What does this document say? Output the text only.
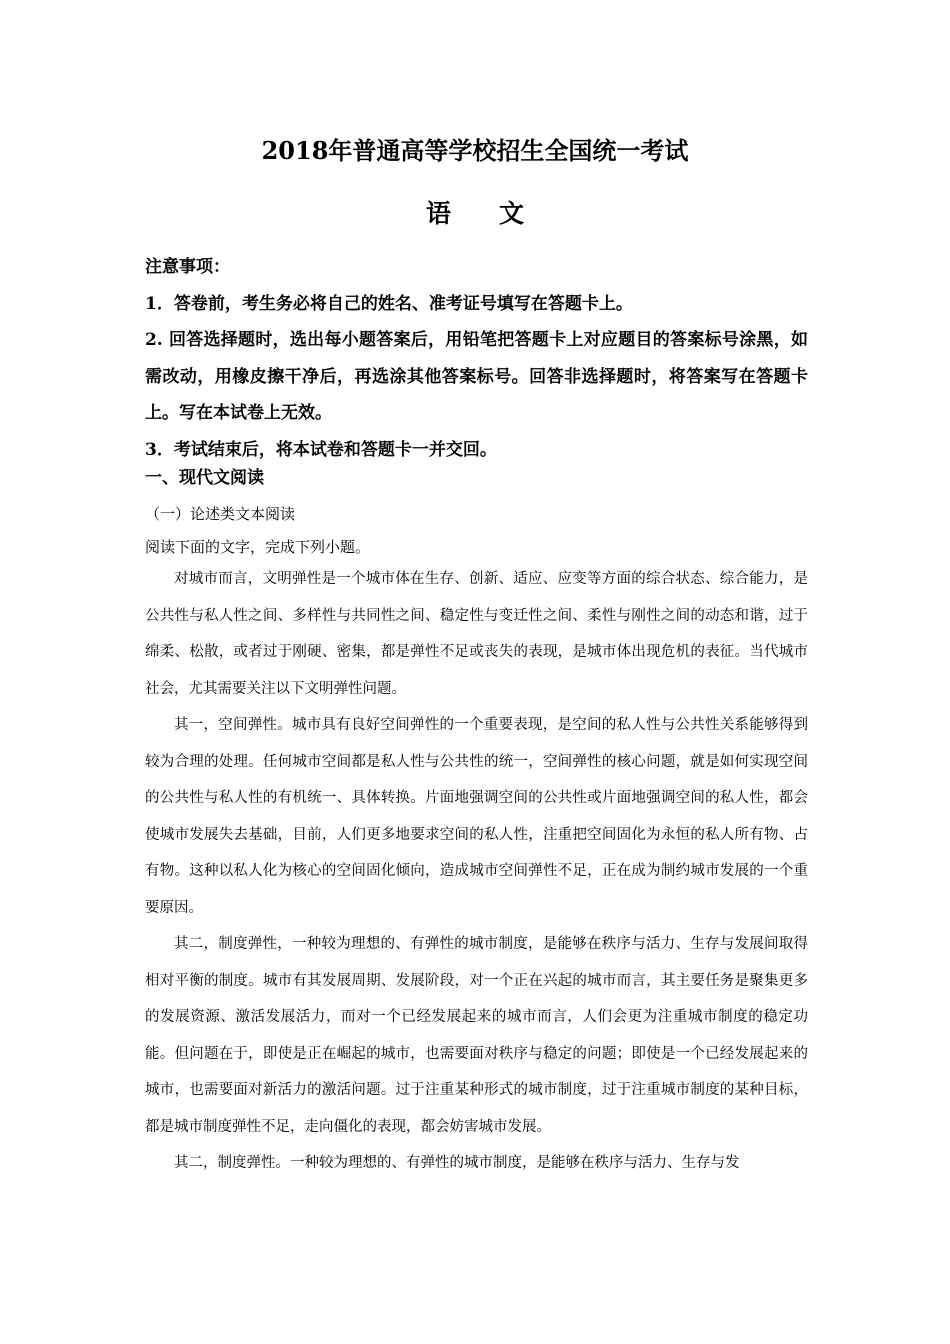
2018年普通高等学校招生全国统一考试
语 文

注意事项：

1．答卷前，考生务必将自己的姓名、准考证号填写在答题卡上。

2. 回答选择题时，选出每小题答案后，用铅笔把答题卡上对应题目的答案标号涂黑，如需改动，用橡皮擦干净后，再选涂其他答案标号。回答非选择题时，将答案写在答题卡上。写在本试卷上无效。

3．考试结束后，将本试卷和答题卡一并交回。

一、现代文阅读
（一）论述类文本阅读
阅读下面的文字，完成下列小题。

对城市而言，文明弹性是一个城市体在生存、创新、适应、应变等方面的综合状态、综合能力，是公共性与私人性之间、多样性与共同性之间、稳定性与变迁性之间、柔性与刚性之间的动态和谐，过于绵柔、松散，或者过于刚硬、密集，都是弹性不足或丧失的表现，是城市体出现危机的表征。当代城市社会，尤其需要关注以下文明弹性问题。

其一，空间弹性。城市具有良好空间弹性的一个重要表现，是空间的私人性与公共性关系能够得到较为合理的处理。任何城市空间都是私人性与公共性的统一，空间弹性的核心问题，就是如何实现空间的公共性与私人性的有机统一、具体转换。片面地强调空间的公共性或片面地强调空间的私人性，都会使城市发展失去基础，目前，人们更多地要求空间的私人性，注重把空间固化为永恒的私人所有物、占有物。这种以私人化为核心的空间固化倾向，造成城市空间弹性不足，正在成为制约城市发展的一个重要原因。

其二，制度弹性，一种较为理想的、有弹性的城市制度，是能够在秩序与活力、生存与发展间取得相对平衡的制度。城市有其发展周期、发展阶段，对一个正在兴起的城市而言，其主要任务是聚集更多的发展资源、激活发展活力，而对一个已经发展起来的城市而言，人们会更为注重城市制度的稳定功能。但问题在于，即使是正在崛起的城市，也需要面对秩序与稳定的问题；即使是一个已经发展起来的城市，也需要面对新活力的激活问题。过于注重某种形式的城市制度，过于注重城市制度的某种目标，都是城市制度弹性不足，走向僵化的表现，都会妨害城市发展。

其二，制度弹性。一种较为理想的、有弹性的城市制度，是能够在秩序与活力、生存与发
